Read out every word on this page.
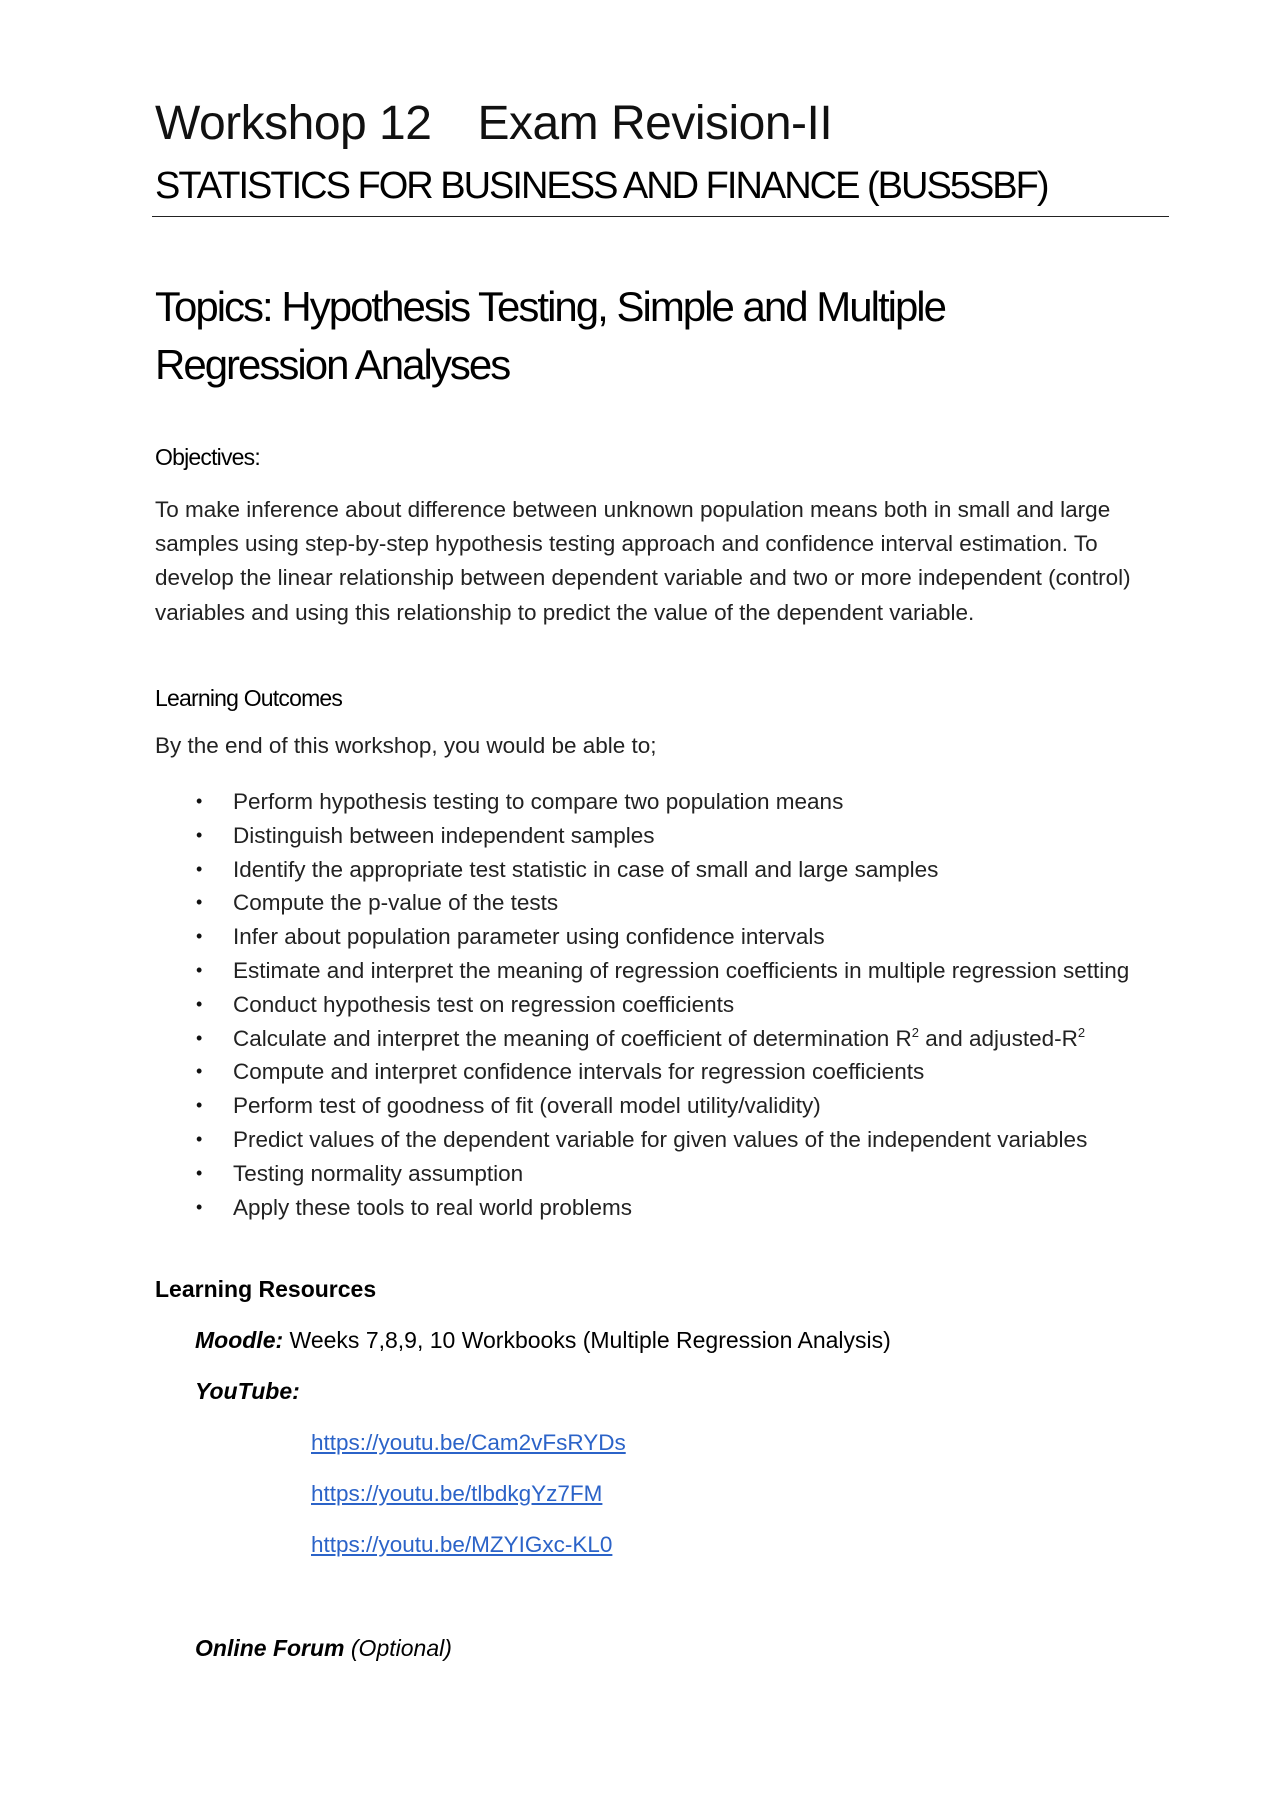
Workshop 12 Exam Revision-II
STATISTICS FOR BUSINESS AND FINANCE (BUS5SBF)
Topics: Hypothesis Testing, Simple and Multiple
Regression Analyses
Objectives:
To make inference about difference between unknown population means both in small and large samples using step-by-step hypothesis testing approach and confidence interval estimation. To develop the linear relationship between dependent variable and two or more independent (control) variables and using this relationship to predict the value of the dependent variable.
Learning Outcomes
By the end of this workshop, you would be able to;
• Perform hypothesis testing to compare two population means
• Distinguish between independent samples
• Identify the appropriate test statistic in case of small and large samples
• Compute the p-value of the tests
• Infer about population parameter using confidence intervals
• Estimate and interpret the meaning of regression coefficients in multiple regression setting
• Conduct hypothesis test on regression coefficients
• Calculate and interpret the meaning of coefficient of determination $R^2$ and adjusted-$R^2$
• Compute and interpret confidence intervals for regression coefficients
• Perform test of goodness of fit (overall model utility/validity)
• Predict values of the dependent variable for given values of the independent variables
• Testing normality assumption
• Apply these tools to real world problems
Learning Resources
Moodle: Weeks 7,8,9, 10 Workbooks (Multiple Regression Analysis)
YouTube:
https://youtu.be/Cam2vFsRYDs
https://youtu.be/tlbdkgYz7FM
https://youtu.be/MZYIGxc-KL0
Online Forum (Optional)
